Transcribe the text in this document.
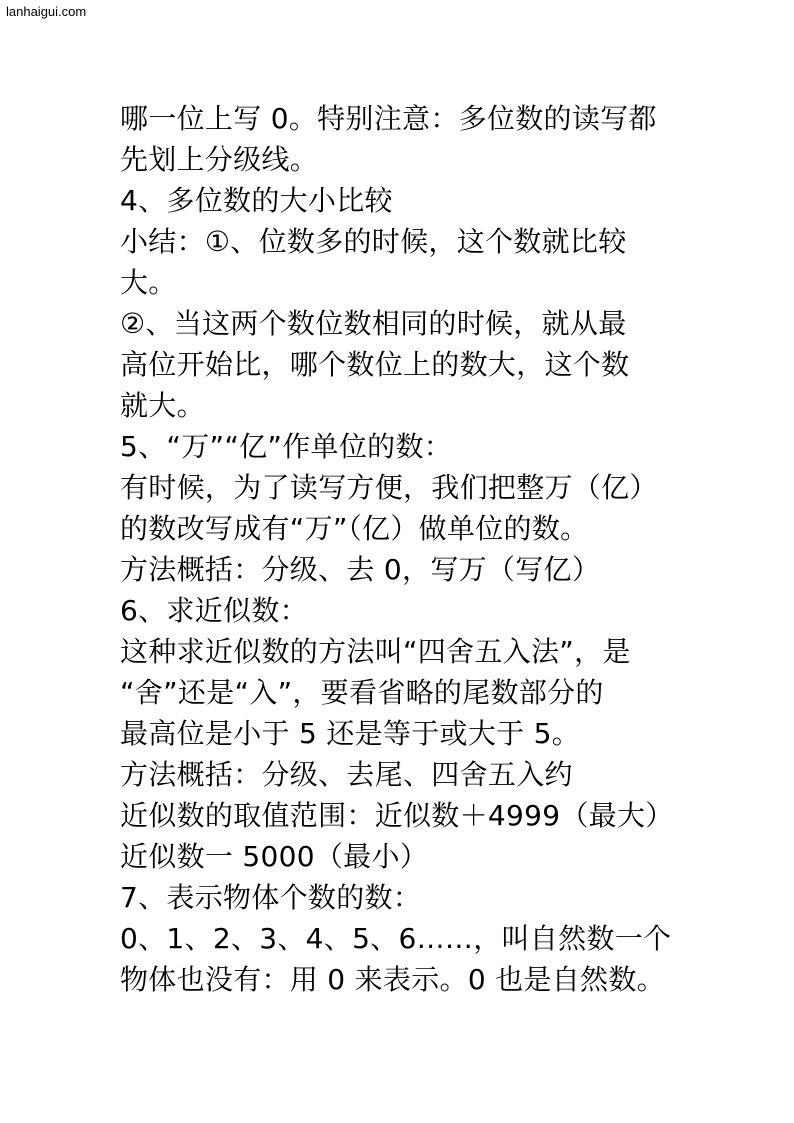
lanhaigui.com
哪一位上写 0。特别注意：多位数的读写都
先划上分级线。
4、多位数的大小比较
小结：①、位数多的时候，这个数就比较
大。
②、当这两个数位数相同的时候，就从最
高位开始比，哪个数位上的数大，这个数
就大。
5、“万”“亿”作单位的数：
有时候，为了读写方便，我们把整万（亿）
的数改写成有“万”（亿）做单位的数。
方法概括：分级、去 0，写万（写亿）
6、求近似数：
这种求近似数的方法叫“四舍五入法”，是
“舍”还是“入”，要看省略的尾数部分的
最高位是小于 5 还是等于或大于 5。
方法概括：分级、去尾、四舍五入约
近似数的取值范围：近似数＋4999（最大）
近似数一 5000（最小）
7、表示物体个数的数：
0、1、2、3、4、5、6……，叫自然数一个
物体也没有：用 0 来表示。0 也是自然数。
